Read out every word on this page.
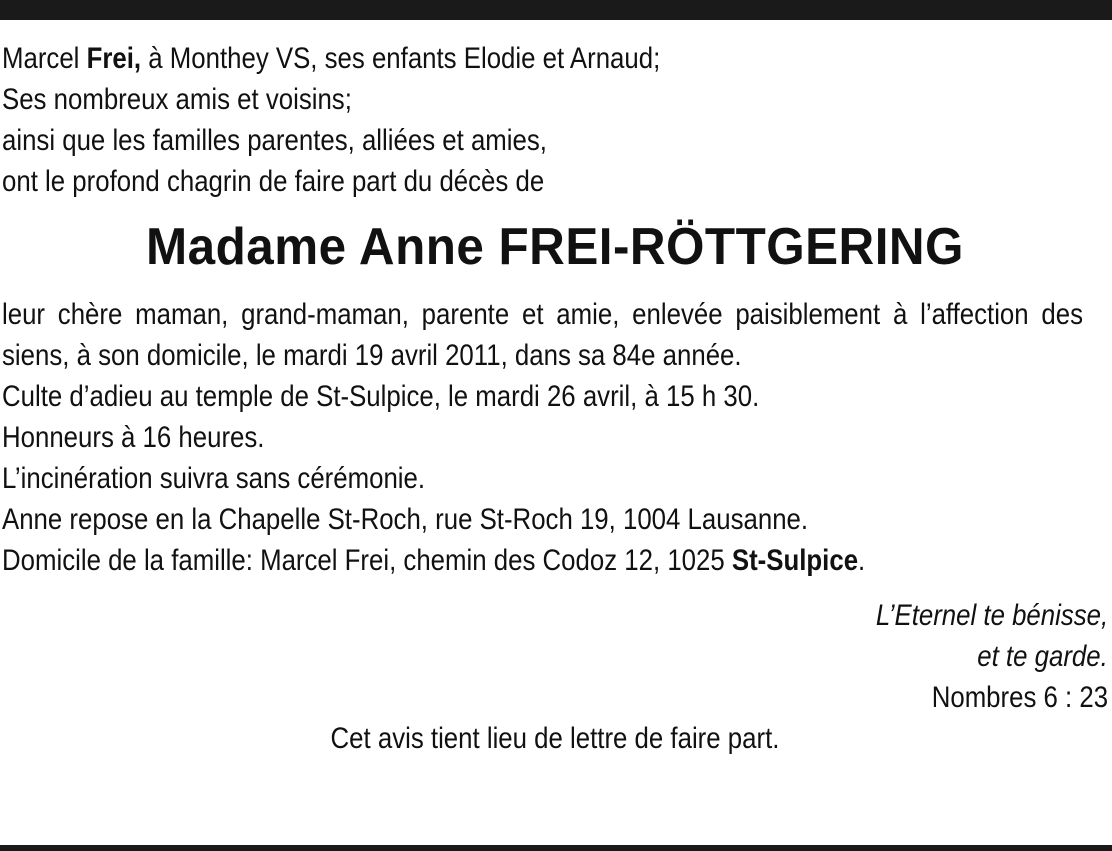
Marcel Frei, à Monthey VS, ses enfants Elodie et Arnaud;
Ses nombreux amis et voisins;
ainsi que les familles parentes, alliées et amies,
ont le profond chagrin de faire part du décès de
Madame Anne FREI-RÖTTGERING
leur chère maman, grand-maman, parente et amie, enlevée paisiblement à l’affection des siens, à son domicile, le mardi 19 avril 2011, dans sa 84e année.
Culte d’adieu au temple de St-Sulpice, le mardi 26 avril, à 15 h 30.
Honneurs à 16 heures.
L’incinération suivra sans cérémonie.
Anne repose en la Chapelle St-Roch, rue St-Roch 19, 1004 Lausanne.
Domicile de la famille: Marcel Frei, chemin des Codoz 12, 1025 St-Sulpice.
L’Eternel te bénisse,
et te garde.
Nombres 6 : 23
Cet avis tient lieu de lettre de faire part.
